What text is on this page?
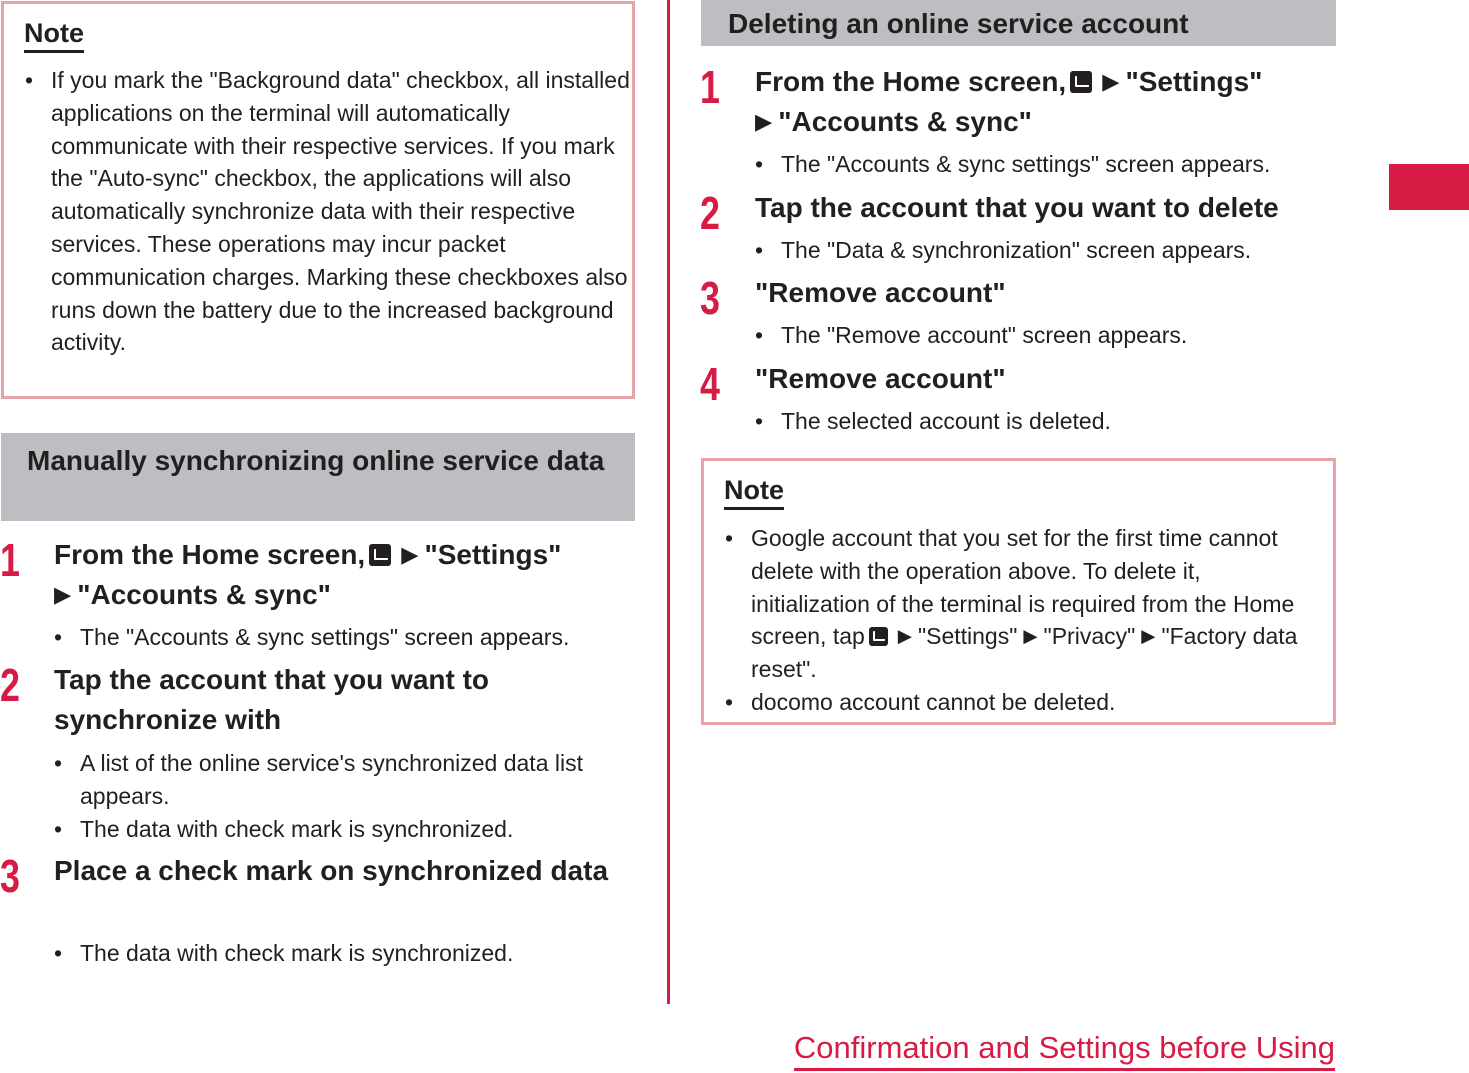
Note
• If you mark the "Background data" checkbox, all installed applications on the terminal will automatically communicate with their respective services. If you mark the "Auto-sync" checkbox, the applications will also automatically synchronize data with their respective services. These operations may incur packet communication charges. Marking these checkboxes also runs down the battery due to the increased background activity.
Manually synchronizing online service data
1 From the Home screen, ▶ "Settings"
▶ "Accounts & sync"
• The "Accounts & sync settings" screen appears.
2 Tap the account that you want to synchronize with
• A list of the online service's synchronized data list appears.
• The data with check mark is synchronized.
3 Place a check mark on synchronized data
• The data with check mark is synchronized.
Deleting an online service account
1 From the Home screen, ▶ "Settings"
▶ "Accounts & sync"
• The "Accounts & sync settings" screen appears.
2 Tap the account that you want to delete
• The "Data & synchronization" screen appears.
3 "Remove account"
• The "Remove account" screen appears.
4 "Remove account"
• The selected account is deleted.
Note
• Google account that you set for the first time cannot delete with the operation above. To delete it, initialization of the terminal is required from the Home screen, tap ▶ "Settings" ▶ "Privacy" ▶ "Factory data reset".
• docomo account cannot be deleted.
Confirmation and Settings before Using
